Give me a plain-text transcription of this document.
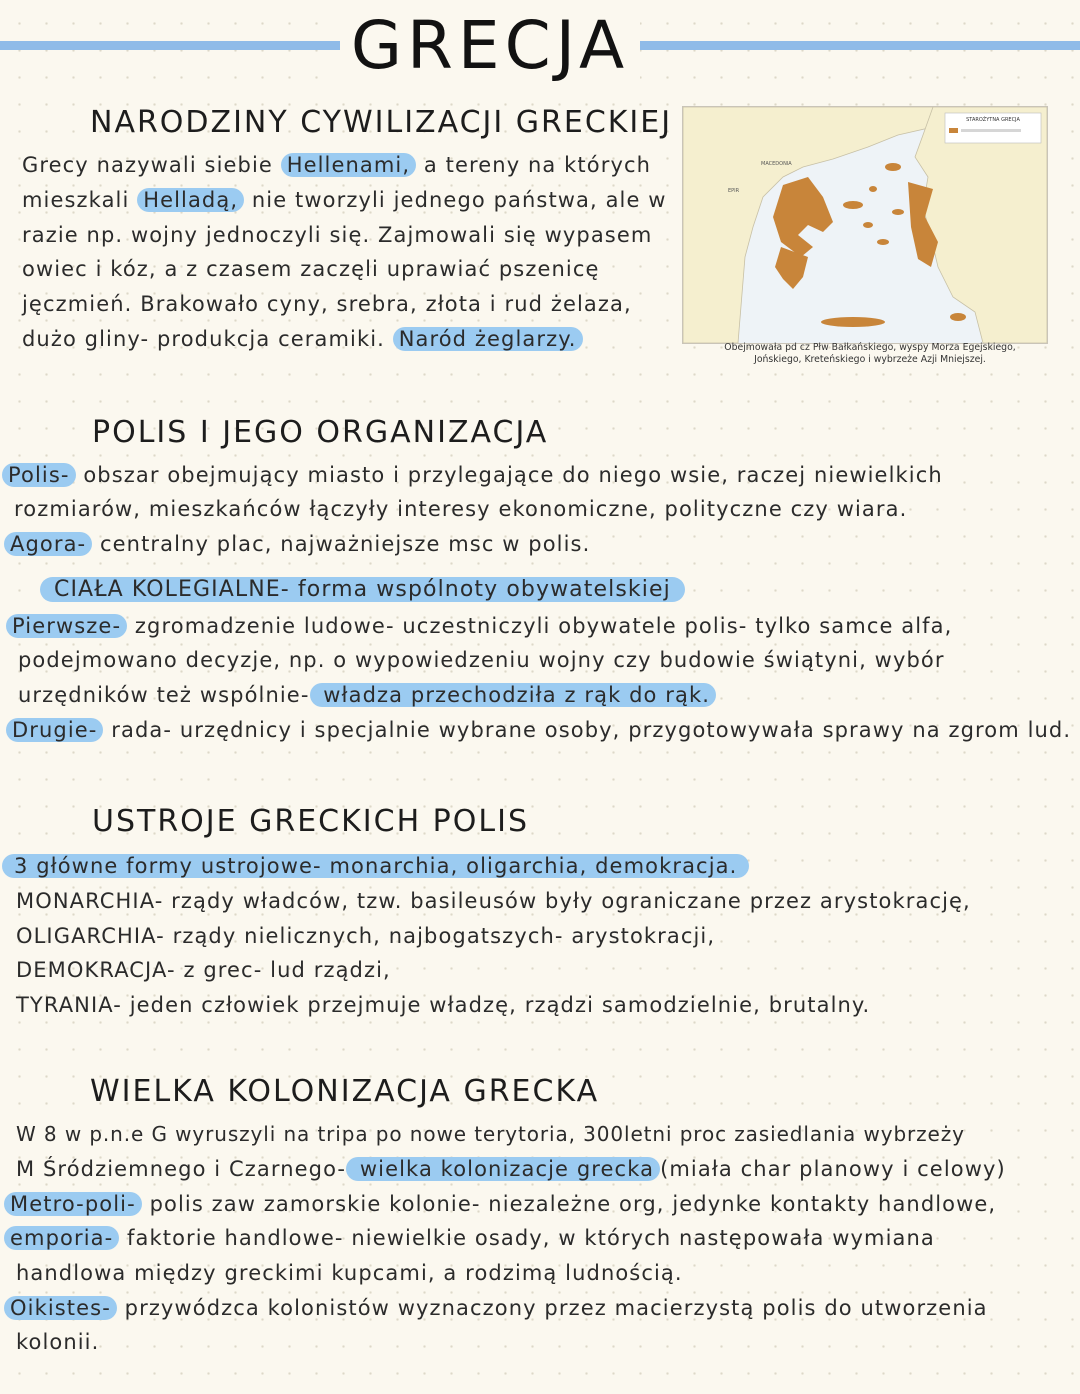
GRECJA
NARODZINY CYWILIZACJI GRECKIEJ
Grecy nazywali siebie Hellenami, a tereny na których
mieszkali Helladą, nie tworzyli jednego państwa, ale w
razie np. wojny jednoczyli się. Zajmowali się wypasem
owiec i kóz, a z czasem zaczęli uprawiać pszenicę
jęczmień. Brakowało cyny, srebra, złota i rud żelaza,
dużo gliny- produkcja ceramiki. Naród żeglarzy.
STAROŻYTNA GRECJA
MACEDONIA
EPIR
Obejmowała pd cz Płw Bałkańskiego, wyspy Morza Egejskiego,
Jońskiego, Kreteńskiego i wybrzeże Azji Mniejszej.
POLIS I JEGO ORGANIZACJA
Polis- obszar obejmujący miasto i przylegające do niego wsie, raczej niewielkich
rozmiarów, mieszkańców łączyły interesy ekonomiczne, polityczne czy wiara.
Agora- centralny plac, najważniejsze msc w polis.
CIAŁA KOLEGIALNE- forma wspólnoty obywatelskiej
Pierwsze- zgromadzenie ludowe- uczestniczyli obywatele polis- tylko samce alfa,
podejmowano decyzje, np. o wypowiedzeniu wojny czy budowie świątyni, wybór
urzędników też wspólnie- władza przechodziła z rąk do rąk.
Drugie- rada- urzędnicy i specjalnie wybrane osoby, przygotowywała sprawy na zgrom lud.
USTROJE GRECKICH POLIS
3 główne formy ustrojowe- monarchia, oligarchia, demokracja.
MONARCHIA- rządy władców, tzw. basileusów były ograniczane przez arystokrację,
OLIGARCHIA- rządy nielicznych, najbogatszych- arystokracji,
DEMOKRACJA- z grec- lud rządzi,
TYRANIA- jeden człowiek przejmuje władzę, rządzi samodzielnie, brutalny.
WIELKA KOLONIZACJA GRECKA
W 8 w p.n.e G wyruszyli na tripa po nowe terytoria, 300letni proc zasiedlania wybrzeży
M Śródziemnego i Czarnego- wielka kolonizacje grecka (miała char planowy i celowy)
Metro-poli- polis zaw zamorskie kolonie- niezależne org, jedynke kontakty handlowe,
emporia- faktorie handlowe- niewielkie osady, w których następowała wymiana
handlowa między greckimi kupcami, a rodzimą ludnością.
Oikistes- przywódzca kolonistów wyznaczony przez macierzystą polis do utworzenia
kolonii.
